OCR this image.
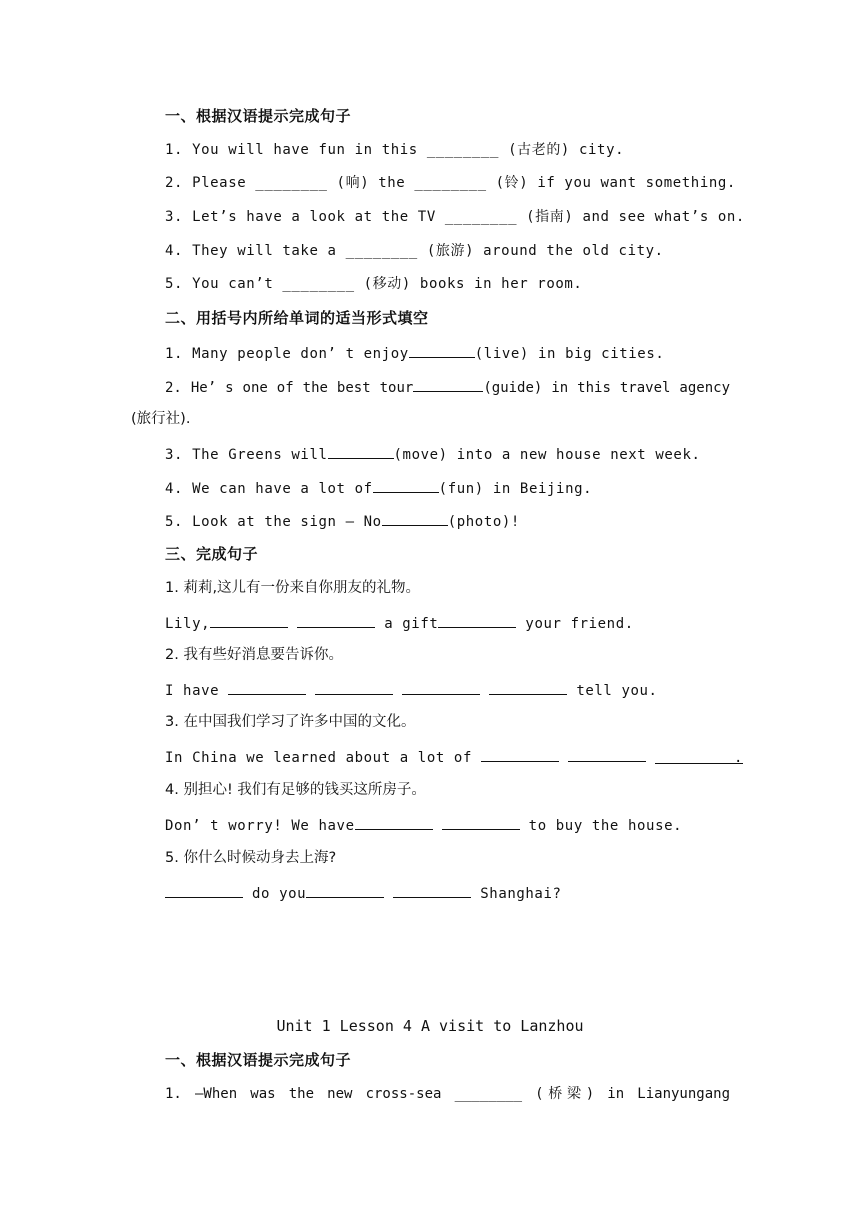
一、根据汉语提示完成句子
1. You will have fun in this ________ (古老的) city.
2. Please ________ (响) the ________ (铃) if you want something.
3. Let’s have a look at the TV ________ (指南) and see what’s on.
4. They will take a ________ (旅游) around the old city.
5. You can’t ________ (移动) books in her room.
二、用括号内所给单词的适当形式填空
1. Many people don’ t enjoy	(live) in big cities.
2. He’ s one of the best tour	(guide) in this travel agency
(旅行社).
3. The Greens will	(move) into a new house next week.
4. We can have a lot of	(fun) in Beijing.
5. Look at the sign — No	(photo)!
三、完成句子
1. 莉莉,这儿有一份来自你朋友的礼物。
Lily,	a gift	your friend.
2. 我有些好消息要告诉你。
I have	tell you.
3. 在中国我们学习了许多中国的文化。
In China we learned about a lot of	.
4. 别担心! 我们有足够的钱买这所房子。
Don’ t worry! We have	to buy the house.
5. 你什么时候动身去上海?
do you	Shanghai?
Unit 1 Lesson 4 A visit to Lanzhou
一、根据汉语提示完成句子
1. —When was the new cross-sea ________ (桥梁) in Lianyungang
